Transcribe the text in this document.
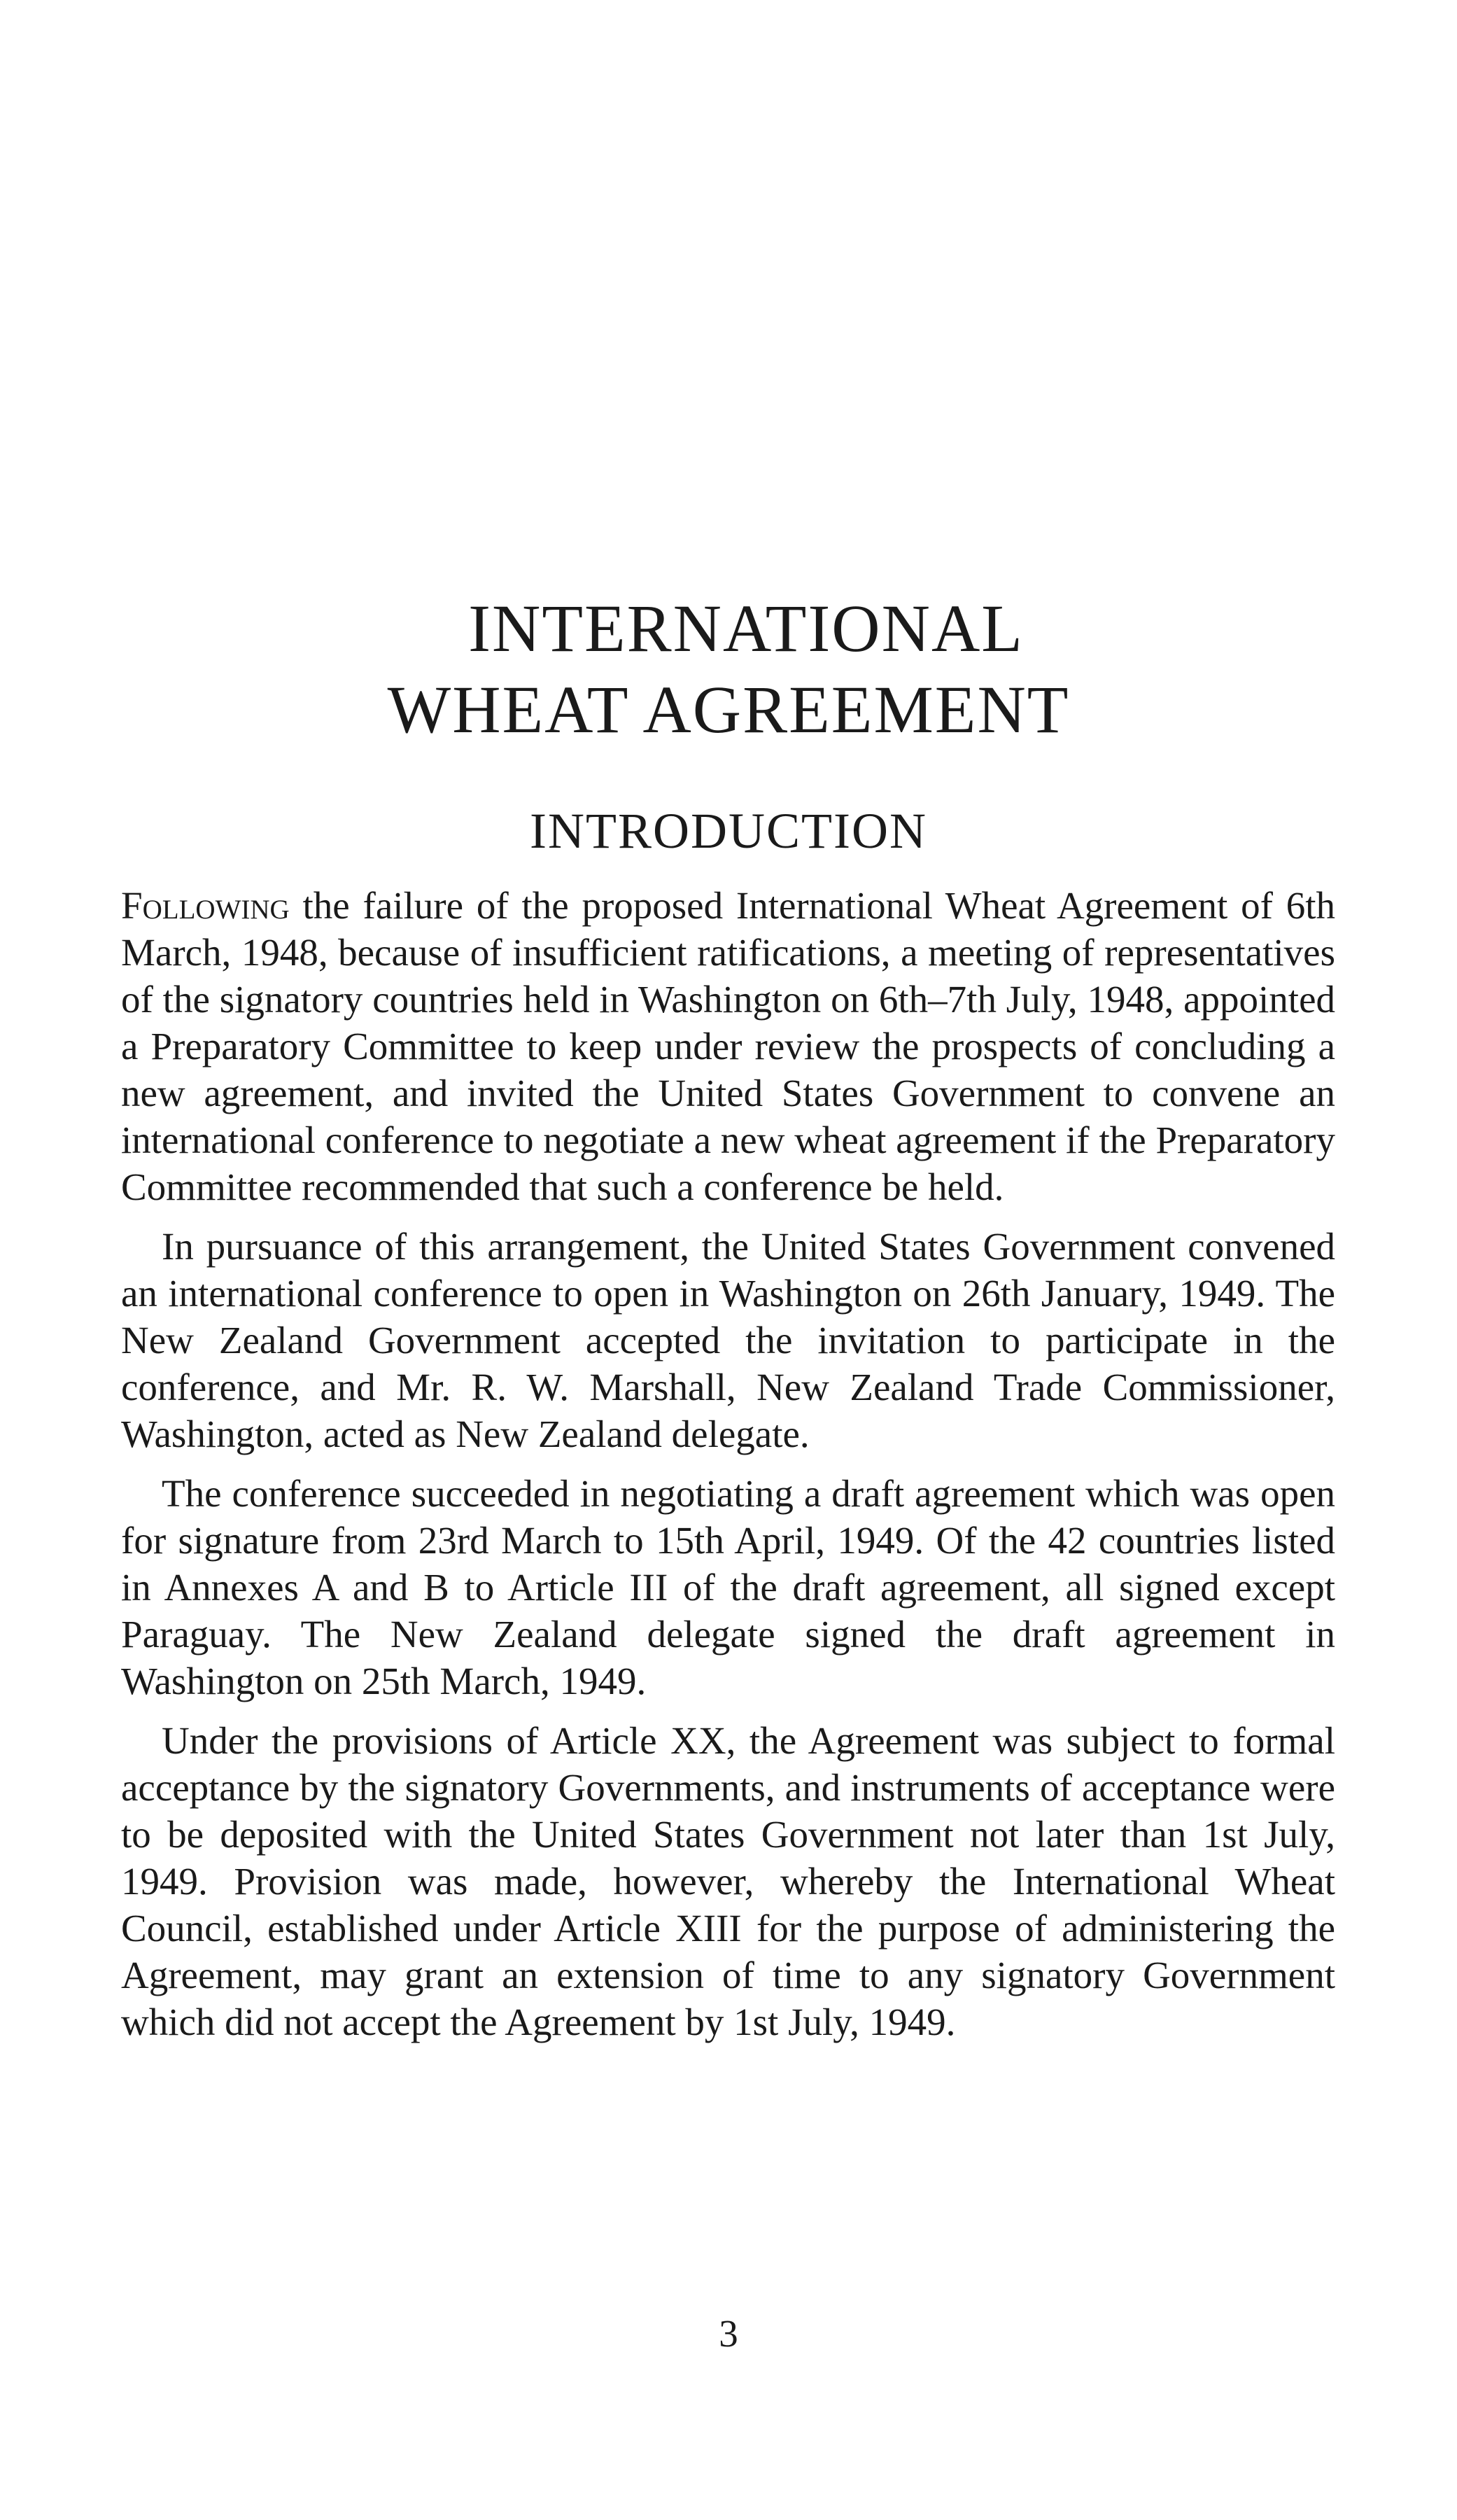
INTERNATIONAL
WHEAT AGREEMENT
INTRODUCTION

Following the failure of the proposed International Wheat Agreement of 6th March, 1948, because of insufficient ratifications, a meeting of representatives of the signatory countries held in Washington on 6th–7th July, 1948, appointed a Preparatory Committee to keep under review the prospects of concluding a new agreement, and invited the United States Government to convene an international conference to negotiate a new wheat agreement if the Preparatory Committee recommended that such a conference be held.

In pursuance of this arrangement, the United States Government convened an international conference to open in Washington on 26th January, 1949. The New Zealand Government accepted the invitation to participate in the conference, and Mr. R. W. Marshall, New Zealand Trade Commissioner, Washington, acted as New Zealand delegate.

The conference succeeded in negotiating a draft agreement which was open for signature from 23rd March to 15th April, 1949. Of the 42 countries listed in Annexes A and B to Article III of the draft agreement, all signed except Paraguay. The New Zealand delegate signed the draft agreement in Washington on 25th March, 1949.

Under the provisions of Article XX, the Agreement was subject to formal acceptance by the signatory Governments, and instruments of acceptance were to be deposited with the United States Government not later than 1st July, 1949. Provision was made, however, whereby the International Wheat Council, established under Article XIII for the purpose of administering the Agreement, may grant an extension of time to any signatory Government which did not accept the Agreement by 1st July, 1949.

3
